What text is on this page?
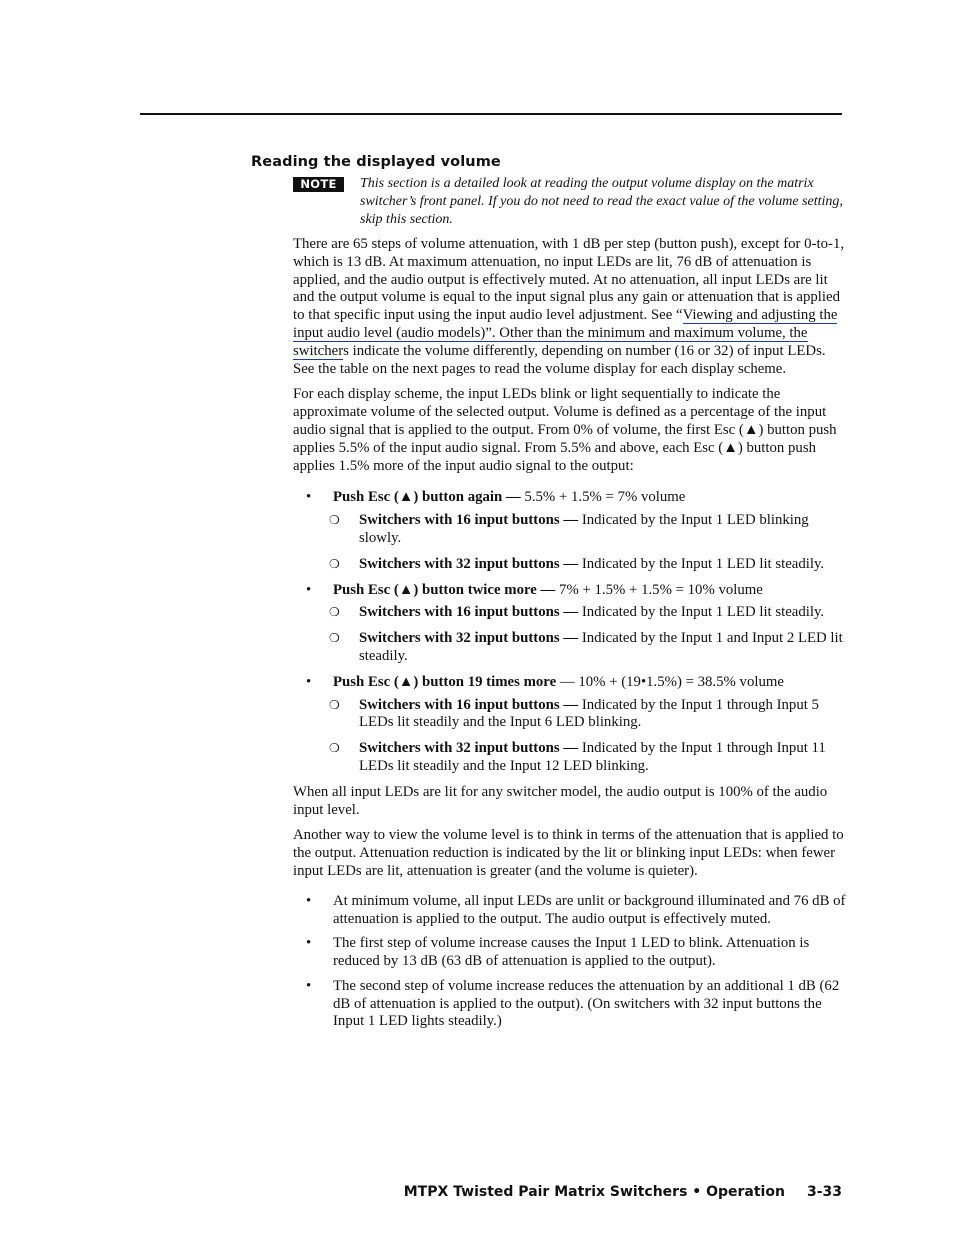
Reading the displayed volume
NOTE	This section is a detailed look at reading the output volume display on the matrix switcher’s front panel. If you do not need to read the exact value of the volume setting, skip this section.

There are 65 steps of volume attenuation, with 1 dB per step (button push), except for 0-to-1, which is 13 dB. At maximum attenuation, no input LEDs are lit, 76 dB of attenuation is applied, and the audio output is effectively muted. At no attenuation, all input LEDs are lit and the output volume is equal to the input signal plus any gain or attenuation that is applied to that specific input using the input audio level adjustment. See “Viewing and adjusting the input audio level (audio models)”. Other than the minimum and maximum volume, the switchers indicate the volume differently, depending on number (16 or 32) of input LEDs. See the table on the next pages to read the volume display for each display scheme.

For each display scheme, the input LEDs blink or light sequentially to indicate the approximate volume of the selected output. Volume is defined as a percentage of the input audio signal that is applied to the output. From 0% of volume, the first Esc (▲) button push applies 5.5% of the input audio signal. From 5.5% and above, each Esc (▲) button push applies 1.5% more of the input audio signal to the output:

• Push Esc (▲) button again — 5.5% + 1.5% = 7% volume
❍ Switchers with 16 input buttons — Indicated by the Input 1 LED blinking slowly.
❍ Switchers with 32 input buttons — Indicated by the Input 1 LED lit steadily.
• Push Esc (▲) button twice more — 7% + 1.5% + 1.5% = 10% volume
❍ Switchers with 16 input buttons — Indicated by the Input 1 LED lit steadily.
❍ Switchers with 32 input buttons — Indicated by the Input 1 and Input 2 LED lit steadily.
• Push Esc (▲) button 19 times more — 10% + (19•1.5%) = 38.5% volume
❍ Switchers with 16 input buttons — Indicated by the Input 1 through Input 5 LEDs lit steadily and the Input 6 LED blinking.
❍ Switchers with 32 input buttons — Indicated by the Input 1 through Input 11 LEDs lit steadily and the Input 12 LED blinking.

When all input LEDs are lit for any switcher model, the audio output is 100% of the audio input level.

Another way to view the volume level is to think in terms of the attenuation that is applied to the output. Attenuation reduction is indicated by the lit or blinking input LEDs: when fewer input LEDs are lit, attenuation is greater (and the volume is quieter).

• At minimum volume, all input LEDs are unlit or background illuminated and 76 dB of attenuation is applied to the output. The audio output is effectively muted.
• The first step of volume increase causes the Input 1 LED to blink. Attenuation is reduced by 13 dB (63 dB of attenuation is applied to the output).
• The second step of volume increase reduces the attenuation by an additional 1 dB (62 dB of attenuation is applied to the output). (On switchers with 32 input buttons the Input 1 LED lights steadily.)
MTPX Twisted Pair Matrix Switchers • Operation 3-33
